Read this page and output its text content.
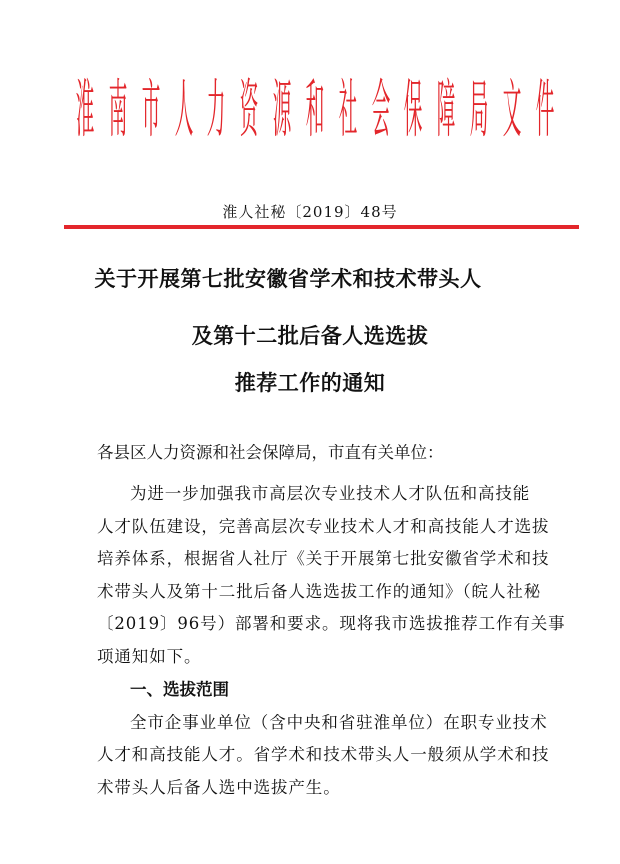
淮 南 市 人 力 资 源 和 社 会 保 障 局 文 件
淮人社秘〔2019〕48号
关于开展第七批安徽省学术和技术带头人
及第十二批后备人选选拔
推荐工作的通知
各县区人力资源和社会保障局，市直有关单位：
为进一步加强我市高层次专业技术人才队伍和高技能
人才队伍建设，完善高层次专业技术人才和高技能人才选拔
培养体系，根据省人社厅《关于开展第七批安徽省学术和技
术带头人及第十二批后备人选选拔工作的通知》（皖人社秘
〔2019〕96号）部署和要求。现将我市选拔推荐工作有关事
项通知如下。
一、选拔范围
全市企事业单位（含中央和省驻淮单位）在职专业技术
人才和高技能人才。省学术和技术带头人一般须从学术和技
术带头人后备人选中选拔产生。
